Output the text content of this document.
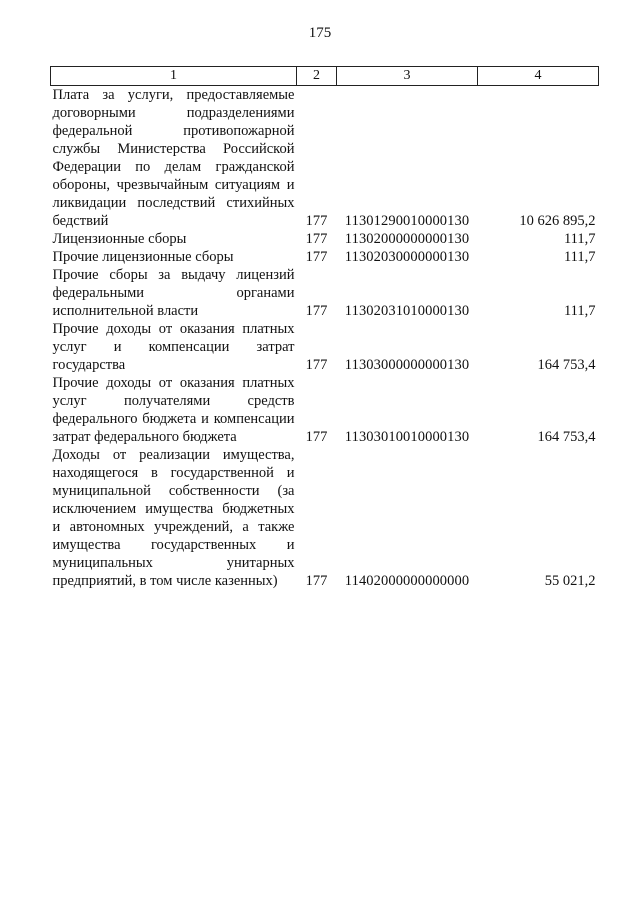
175
1	2	3	4
Плата за услуги, предоставляемые договорными подразделениями федеральной противопожарной службы Министерства Российской Федерации по делам гражданской обороны, чрезвычайным ситуациям и ликвидации последствий стихийных бедствий	177	11301290010000130	10 626 895,2
Лицензионные сборы	177	11302000000000130	111,7
Прочие лицензионные сборы	177	11302030000000130	111,7
Прочие сборы за выдачу лицензий федеральными органами исполнительной власти	177	11302031010000130	111,7
Прочие доходы от оказания платных услуг и компенсации затрат государства	177	11303000000000130	164 753,4
Прочие доходы от оказания платных услуг получателями средств федерального бюджета и компенсации затрат федерального бюджета	177	11303010010000130	164 753,4
Доходы от реализации имущества, находящегося в государственной и муниципальной собственности (за исключением имущества бюджетных и автономных учреждений, а также имущества государственных и муниципальных унитарных предприятий, в том числе казенных)	177	11402000000000000	55 021,2
